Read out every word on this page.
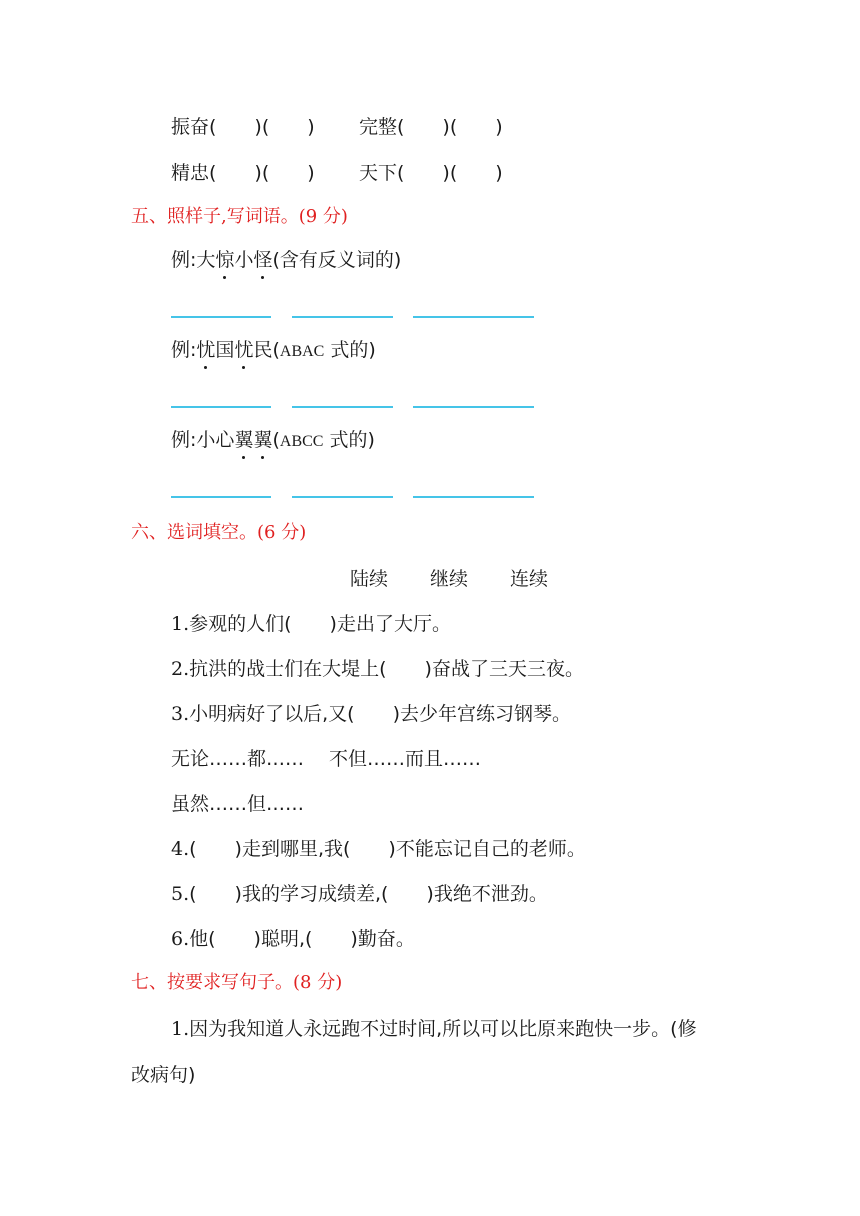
振奋(　　)(　　) 完整(　　)(　　)
精忠(　　)(　　) 天下(　　)(　　)
五、照样子,写词语。(9 分)
例:大惊小怪(含有反义词的)
例:忧国忧民(ABAC 式的)
例:小心翼翼(ABCC 式的)
六、选词填空。(6 分)
陆续 继续 连续
1.参观的人们(　　)走出了大厅。
2.抗洪的战士们在大堤上(　　)奋战了三天三夜。
3.小明病好了以后,又(　　)去少年宫练习钢琴。
无论……都……　 不但……而且……
虽然……但……
4.(　　)走到哪里,我(　　)不能忘记自己的老师。
5.(　　)我的学习成绩差,(　　)我绝不泄劲。
6.他(　　)聪明,(　　)勤奋。
七、按要求写句子。(8 分)
1.因为我知道人永远跑不过时间,所以可以比原来跑快一步。(修
改病句)
